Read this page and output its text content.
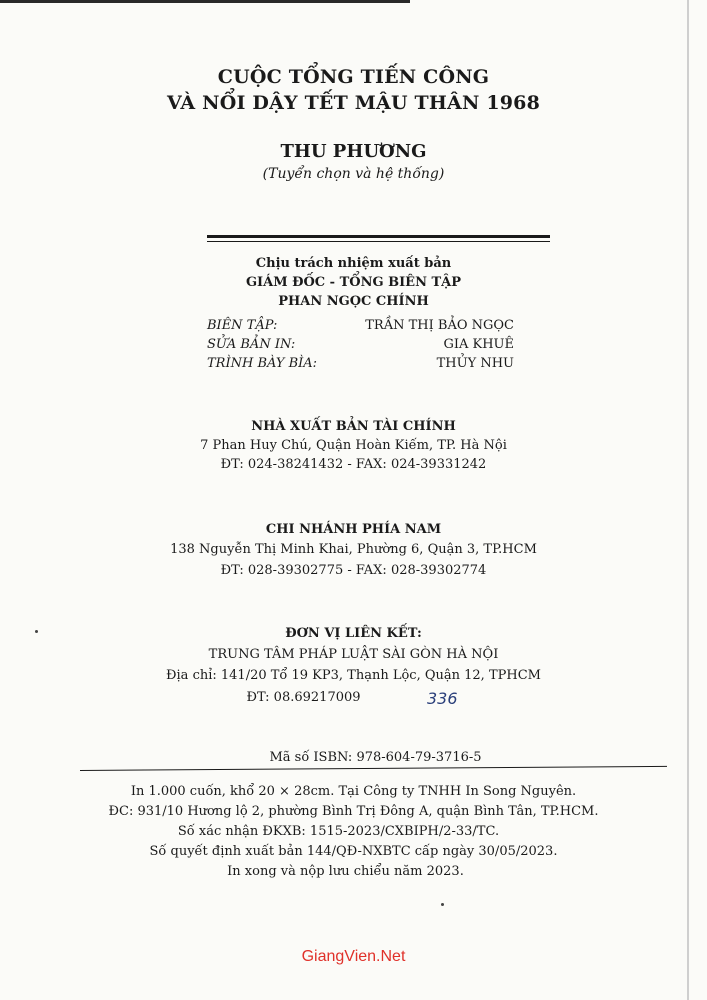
CUỘC TỔNG TIẾN CÔNG
VÀ NỔI DẬY TẾT MẬU THÂN 1968
THU PHƯƠNG
(Tuyển chọn và hệ thống)
Chịu trách nhiệm xuất bản
GIÁM ĐỐC - TỔNG BIÊN TẬP
PHAN NGỌC CHÍNH
BIÊN TẬP:	TRẦN THỊ BẢO NGỌC
SỬA BẢN IN:	GIA KHUÊ
TRÌNH BÀY BÌA:	THỦY NHU
NHÀ XUẤT BẢN TÀI CHÍNH
7 Phan Huy Chú, Quận Hoàn Kiếm, TP. Hà Nội
ĐT: 024-38241432 - FAX: 024-39331242
CHI NHÁNH PHÍA NAM
138 Nguyễn Thị Minh Khai, Phường 6, Quận 3, TP.HCM
ĐT: 028-39302775 - FAX: 028-39302774
ĐƠN VỊ LIÊN KẾT:
TRUNG TÂM PHÁP LUẬT SÀI GÒN HÀ NỘI
Địa chỉ: 141/20 Tổ 19 KP3, Thạnh Lộc, Quận 12, TPHCM
ĐT: 08.69217009	336
Mã số ISBN: 978-604-79-3716-5
In 1.000 cuốn, khổ 20 × 28cm. Tại Công ty TNHH In Song Nguyên.
ĐC: 931/10 Hương lộ 2, phường Bình Trị Đông A, quận Bình Tân, TP.HCM.
Số xác nhận ĐKXB: 1515-2023/CXBIPH/2-33/TC.
Số quyết định xuất bản 144/QĐ-NXBTC cấp ngày 30/05/2023.
In xong và nộp lưu chiểu năm 2023.
GiangVien.Net
